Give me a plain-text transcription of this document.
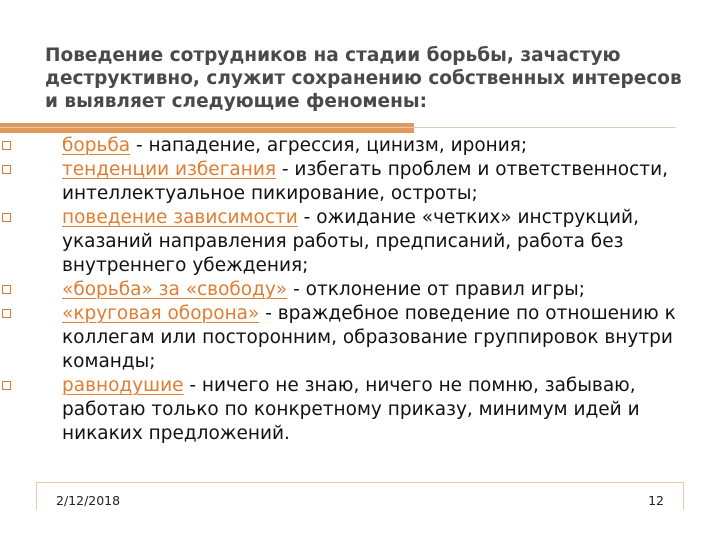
Поведение сотрудников на стадии борьбы, зачастую деструктивно, служит сохранению собственных интересов и выявляет следующие феномены:
борьба - нападение, агрессия, цинизм, ирония;
тенденции избегания - избегать проблем и ответственности, интеллектуальное пикирование, остроты;
поведение зависимости - ожидание «четких» инструкций, указаний направления работы, предписаний, работа без внутреннего убеждения;
«борьба» за «свободу» - отклонение от правил игры;
«круговая оборона» - враждебное поведение по отношению к коллегам или посторонним, образование группировок внутри команды;
равнодушие - ничего не знаю, ничего не помню, забываю, работаю только по конкретному приказу, минимум идей и никаких предложений.
2/12/2018	12
